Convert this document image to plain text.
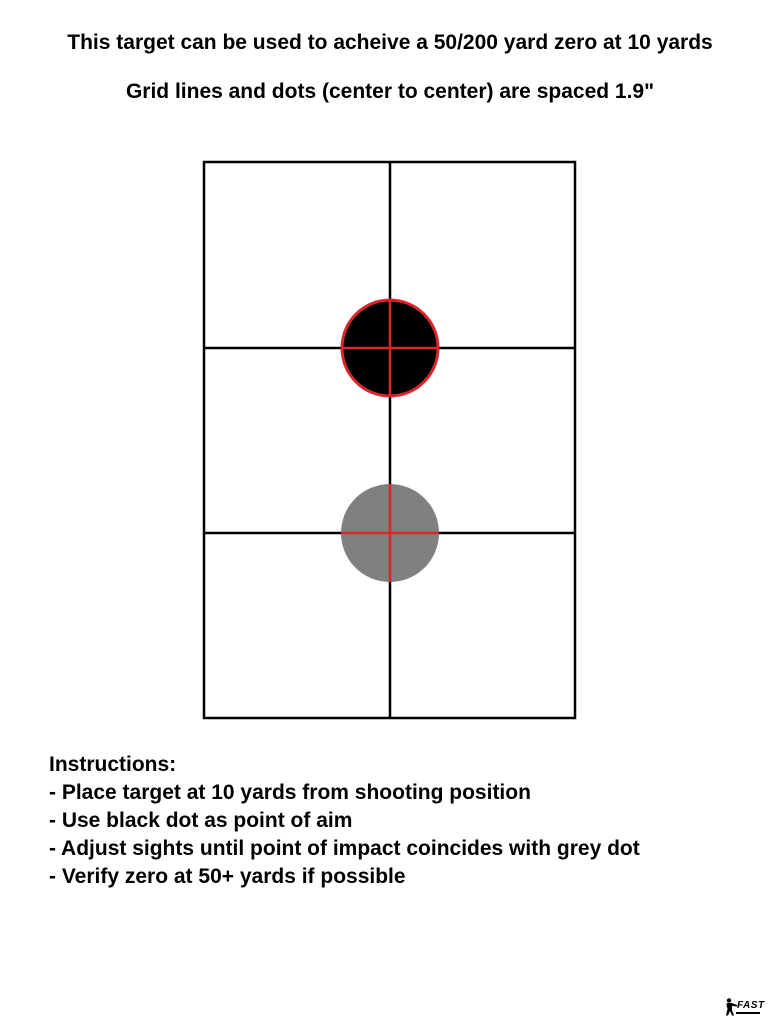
This target can be used to acheive a 50/200 yard zero at 10 yards
Grid lines and dots (center to center) are spaced 1.9"
Instructions:
- Place target at 10 yards from shooting position
- Use black dot as point of aim
- Adjust sights until point of impact coincides with grey dot
- Verify zero at 50+ yards if possible
FAST
